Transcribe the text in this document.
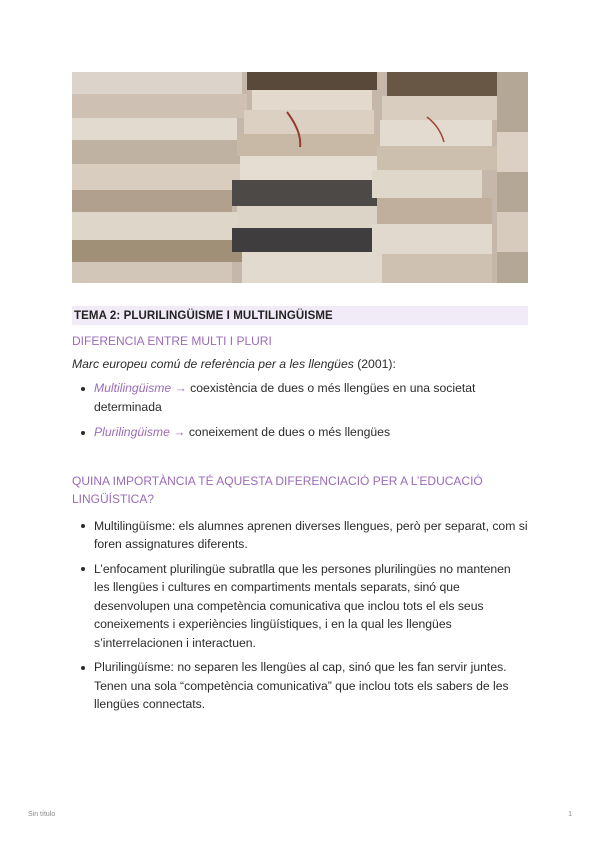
TEMA 2: PLURILINGÜISME I MULTILINGÜISME
DIFERENCIA ENTRE MULTI I PLURI
Marc europeu comú de referència per a les llengües (2001):
Multilingüisme → coexistència de dues o més llengües en una societat determinada
Plurilingüisme → coneixement de dues o més llengües
QUINA IMPORTÀNCIA TÉ AQUESTA DIFERENCIACIÓ PER A L’EDUCACIÓ LINGÜÍSTICA?
Multilingüísme: els alumnes aprenen diverses llengues, però per separat, com si foren assignatures diferents.
L’enfocament plurilingüe subratlla que les persones plurilingües no mantenen les llengües i cultures en compartiments mentals separats, sinó que desenvolupen una competència comunicativa que inclou tots el els seus coneixements i experiències lingüístiques, i en la qual les llengües s’interrelacionen i interactuen.
Plurilingüísme: no separen les llengües al cap, sinó que les fan servir juntes. Tenen una sola “competència comunicativa” que inclou tots els sabers de les llengües connectats.
Sin título	1
